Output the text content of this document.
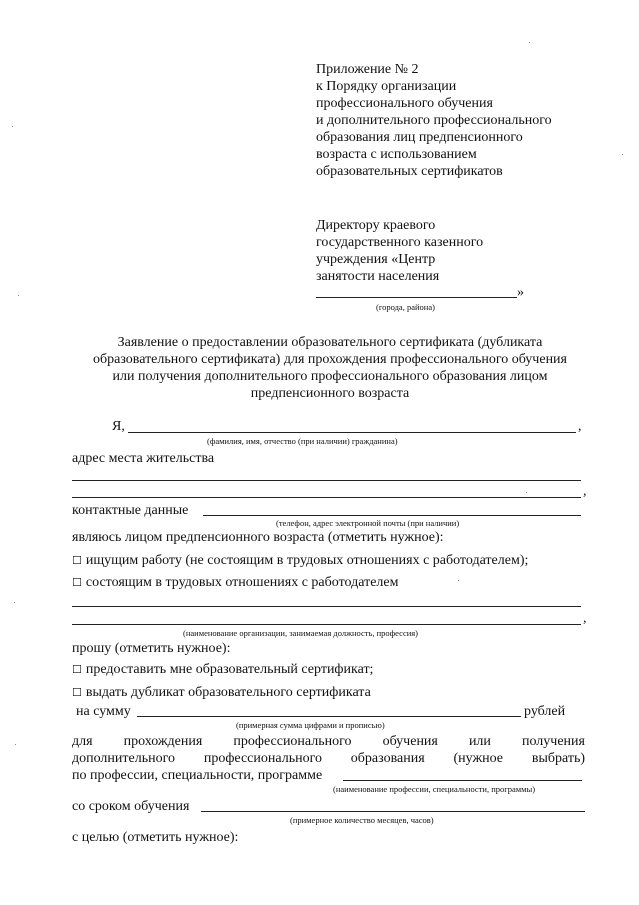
Приложение № 2
к Порядку организации
профессионального обучения
и дополнительного профессионального
образования лиц предпенсионного
возраста с использованием
образовательных сертификатов
Директору краевого
государственного казенного
учреждения «Центр
занятости населения
»
(города, района)
Заявление о предоставлении образовательного сертификата (дубликата
образовательного сертификата) для прохождения профессионального обучения
или получения дополнительного профессионального образования лицом
предпенсионного возраста
Я,	,
(фамилия, имя, отчество (при наличии) гражданина)
адрес места жительства
,
контактные данные
(телефон, адрес электронной почты (при наличии)
являюсь лицом предпенсионного возраста (отметить нужное):
☐ ищущим работу (не состоящим в трудовых отношениях с работодателем);
☐ состоящим в трудовых отношениях с работодателем
,
(наименование организации, занимаемая должность, профессия)
прошу (отметить нужное):
☐ предоставить мне образовательный сертификат;
☐ выдать дубликат образовательного сертификата
на сумму	рублей
(примерная сумма цифрами и прописью)
для прохождения профессионального обучения или получения
дополнительного профессионального образования (нужное выбрать)
по профессии, специальности, программе
(наименование профессии, специальности, программы)
со сроком обучения
(примерное количество месяцев, часов)
с целью (отметить нужное):
